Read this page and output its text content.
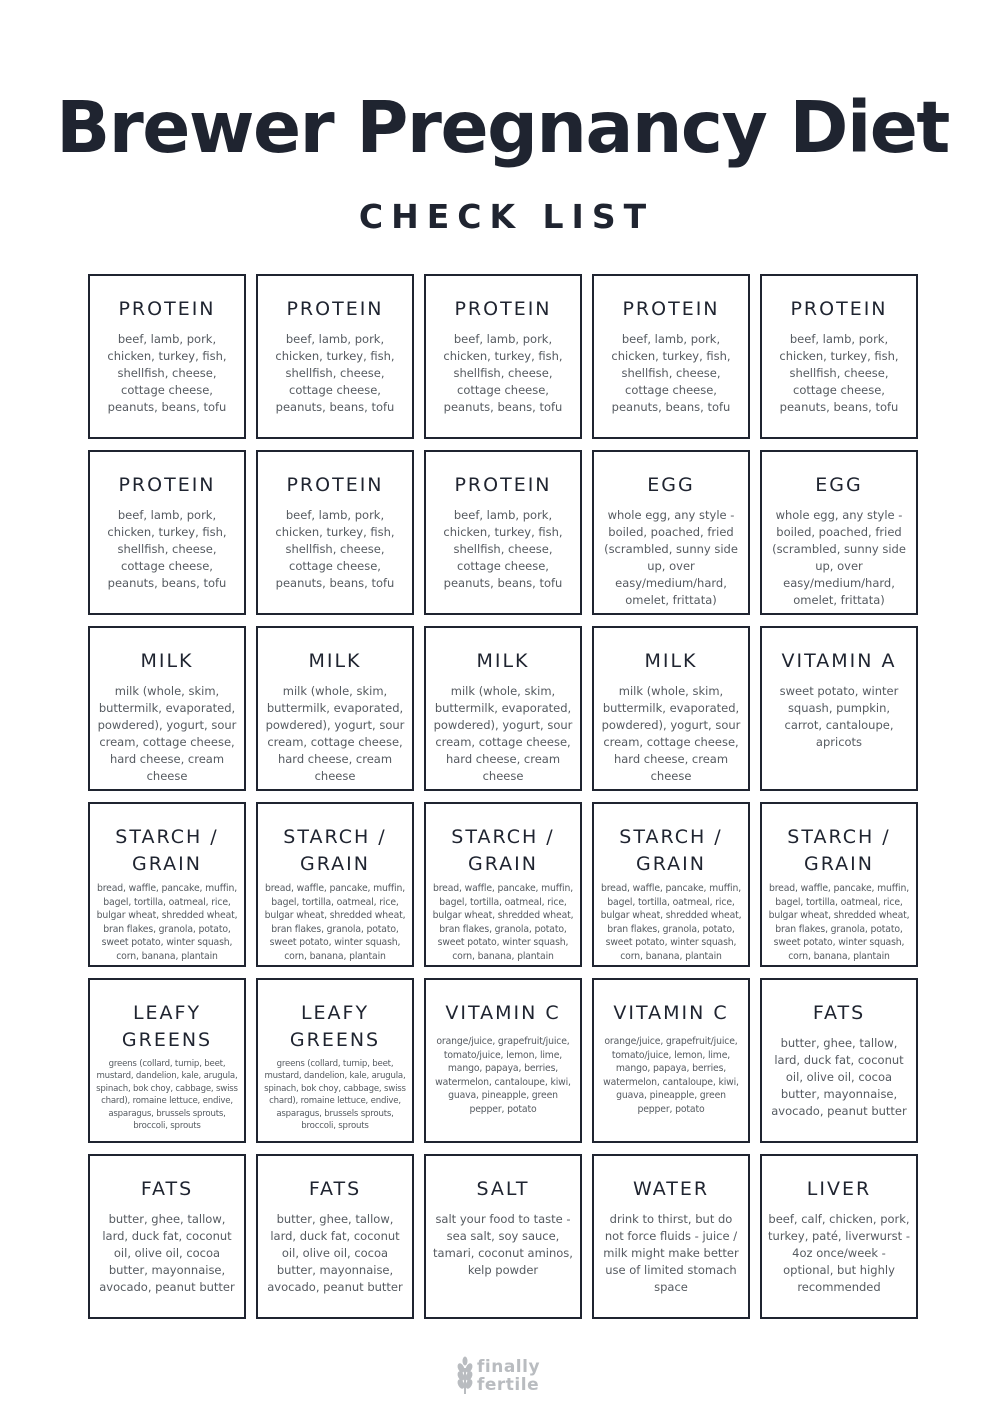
Brewer Pregnancy Diet
CHECK LIST
PROTEIN
beef, lamb, pork, chicken, turkey, fish, shellfish, cheese, cottage cheese, peanuts, beans, tofu
PROTEIN
beef, lamb, pork, chicken, turkey, fish, shellfish, cheese, cottage cheese, peanuts, beans, tofu
PROTEIN
beef, lamb, pork, chicken, turkey, fish, shellfish, cheese, cottage cheese, peanuts, beans, tofu
PROTEIN
beef, lamb, pork, chicken, turkey, fish, shellfish, cheese, cottage cheese, peanuts, beans, tofu
PROTEIN
beef, lamb, pork, chicken, turkey, fish, shellfish, cheese, cottage cheese, peanuts, beans, tofu
PROTEIN
beef, lamb, pork, chicken, turkey, fish, shellfish, cheese, cottage cheese, peanuts, beans, tofu
PROTEIN
beef, lamb, pork, chicken, turkey, fish, shellfish, cheese, cottage cheese, peanuts, beans, tofu
PROTEIN
beef, lamb, pork, chicken, turkey, fish, shellfish, cheese, cottage cheese, peanuts, beans, tofu
EGG
whole egg, any style - boiled, poached, fried (scrambled, sunny side up, over easy/medium/hard, omelet, frittata)
EGG
whole egg, any style - boiled, poached, fried (scrambled, sunny side up, over easy/medium/hard, omelet, frittata)
MILK
milk (whole, skim, buttermilk, evaporated, powdered), yogurt, sour cream, cottage cheese, hard cheese, cream cheese
MILK
milk (whole, skim, buttermilk, evaporated, powdered), yogurt, sour cream, cottage cheese, hard cheese, cream cheese
MILK
milk (whole, skim, buttermilk, evaporated, powdered), yogurt, sour cream, cottage cheese, hard cheese, cream cheese
MILK
milk (whole, skim, buttermilk, evaporated, powdered), yogurt, sour cream, cottage cheese, hard cheese, cream cheese
VITAMIN A
sweet potato, winter squash, pumpkin, carrot, cantaloupe, apricots
STARCH /
GRAIN
bread, waffle, pancake, muffin, bagel, tortilla, oatmeal, rice, bulgar wheat, shredded wheat, bran flakes, granola, potato, sweet potato, winter squash, corn, banana, plantain
STARCH /
GRAIN
bread, waffle, pancake, muffin, bagel, tortilla, oatmeal, rice, bulgar wheat, shredded wheat, bran flakes, granola, potato, sweet potato, winter squash, corn, banana, plantain
STARCH /
GRAIN
bread, waffle, pancake, muffin, bagel, tortilla, oatmeal, rice, bulgar wheat, shredded wheat, bran flakes, granola, potato, sweet potato, winter squash, corn, banana, plantain
STARCH /
GRAIN
bread, waffle, pancake, muffin, bagel, tortilla, oatmeal, rice, bulgar wheat, shredded wheat, bran flakes, granola, potato, sweet potato, winter squash, corn, banana, plantain
STARCH /
GRAIN
bread, waffle, pancake, muffin, bagel, tortilla, oatmeal, rice, bulgar wheat, shredded wheat, bran flakes, granola, potato, sweet potato, winter squash, corn, banana, plantain
LEAFY
GREENS
greens (collard, turnip, beet, mustard, dandelion, kale, arugula, spinach, bok choy, cabbage, swiss chard), romaine lettuce, endive, asparagus, brussels sprouts, broccoli, sprouts
LEAFY
GREENS
greens (collard, turnip, beet, mustard, dandelion, kale, arugula, spinach, bok choy, cabbage, swiss chard), romaine lettuce, endive, asparagus, brussels sprouts, broccoli, sprouts
VITAMIN C
orange/juice, grapefruit/juice, tomato/juice, lemon, lime, mango, papaya, berries, watermelon, cantaloupe, kiwi, guava, pineapple, green pepper, potato
VITAMIN C
orange/juice, grapefruit/juice, tomato/juice, lemon, lime, mango, papaya, berries, watermelon, cantaloupe, kiwi, guava, pineapple, green pepper, potato
FATS
butter, ghee, tallow, lard, duck fat, coconut oil, olive oil, cocoa butter, mayonnaise, avocado, peanut butter
FATS
butter, ghee, tallow, lard, duck fat, coconut oil, olive oil, cocoa butter, mayonnaise, avocado, peanut butter
FATS
butter, ghee, tallow, lard, duck fat, coconut oil, olive oil, cocoa butter, mayonnaise, avocado, peanut butter
SALT
salt your food to taste - sea salt, soy sauce, tamari, coconut aminos, kelp powder
WATER
drink to thirst, but do not force fluids - juice / milk might make better use of limited stomach space
LIVER
beef, calf, chicken, pork, turkey, paté, liverwurst - 4oz once/week - optional, but highly recommended
finally
fertile
